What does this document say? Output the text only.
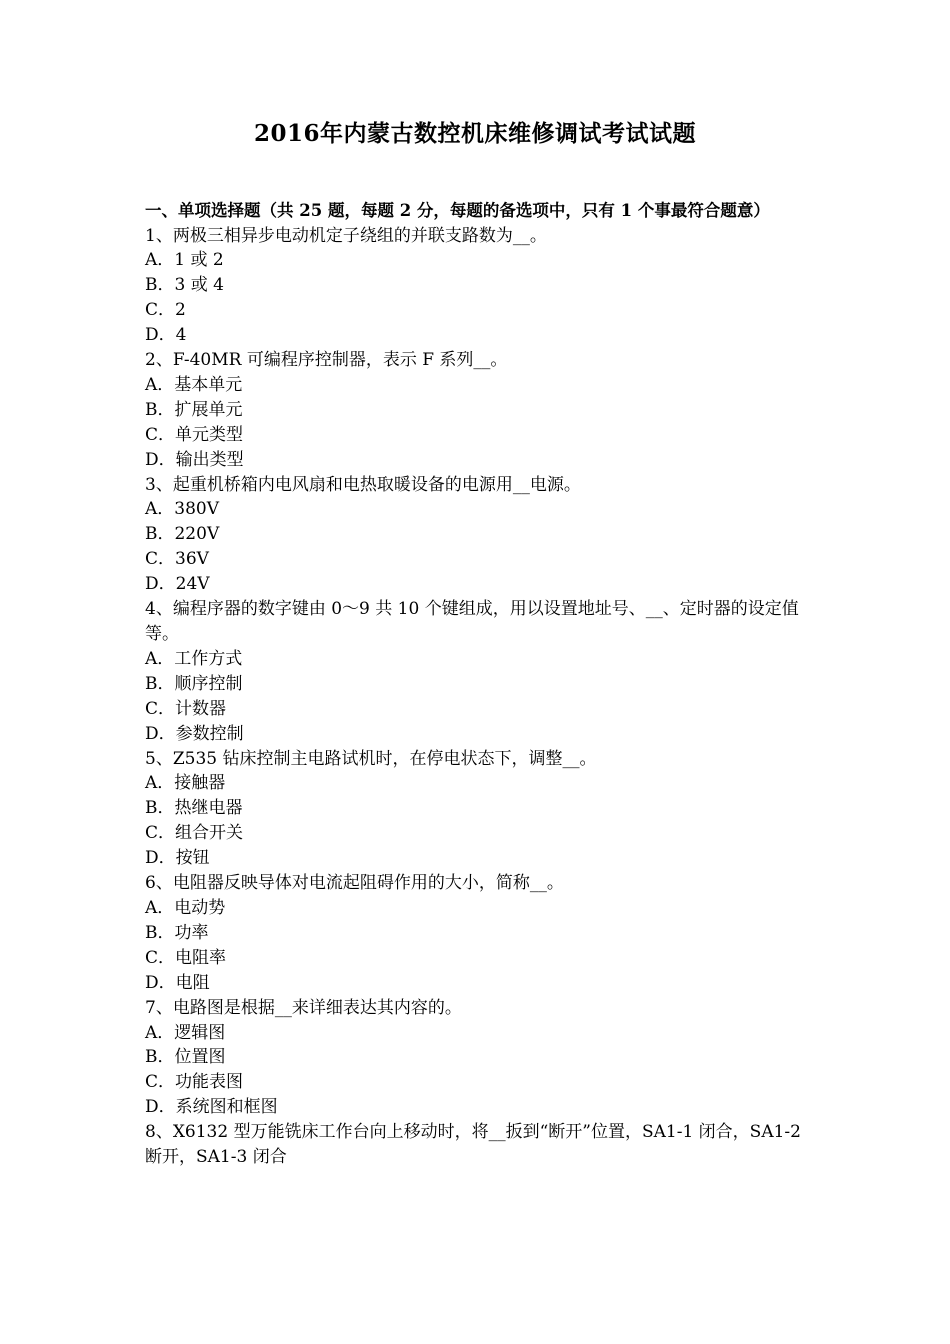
2016年内蒙古数控机床维修调试考试试题

一、单项选择题（共 25 题，每题 2 分，每题的备选项中，只有 1 个事最符合题意）

1、两极三相异步电动机定子绕组的并联支路数为__。

A．1 或 2

B．3 或 4

C．2

D．4

2、F-40MR 可编程序控制器，表示 F 系列__。

A．基本单元

B．扩展单元

C．单元类型

D．输出类型

3、起重机桥箱内电风扇和电热取暖设备的电源用__电源。

A．380V

B．220V

C．36V

D．24V

4、编程序器的数字键由 0～9 共 10 个键组成，用以设置地址号、__、定时器的设定值等。

A．工作方式

B．顺序控制

C．计数器

D．参数控制

5、Z535 钻床控制主电路试机时，在停电状态下，调整__。

A．接触器

B．热继电器

C．组合开关

D．按钮

6、电阻器反映导体对电流起阻碍作用的大小，简称__。

A．电动势

B．功率

C．电阻率

D．电阻

7、电路图是根据__来详细表达其内容的。

A．逻辑图

B．位置图

C．功能表图

D．系统图和框图

8、X6132 型万能铣床工作台向上移动时，将__扳到“断开”位置，SA1-1 闭合，SA1-2 断开，SA1-3 闭合
